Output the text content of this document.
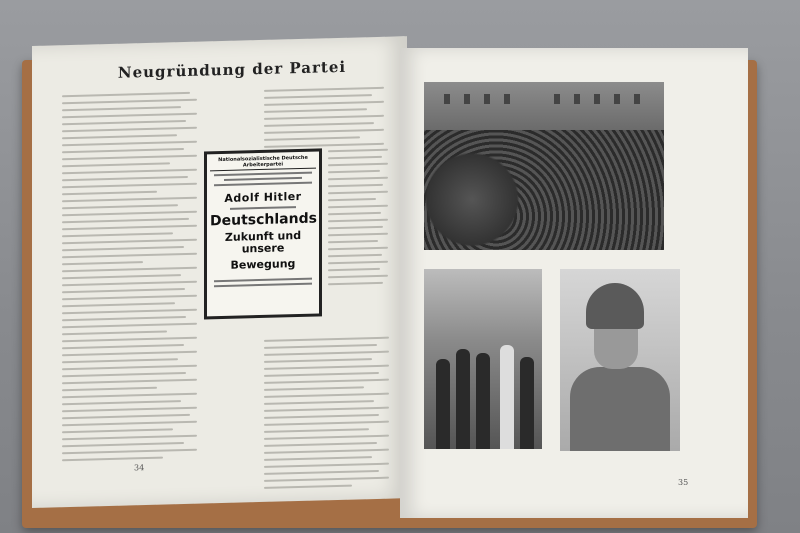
Neugründung der Partei
Nationalsozialistische Deutsche Arbeiterpartei
Adolf Hitler
Deutschlands
Zukunft und unsere
Bewegung
34
35
